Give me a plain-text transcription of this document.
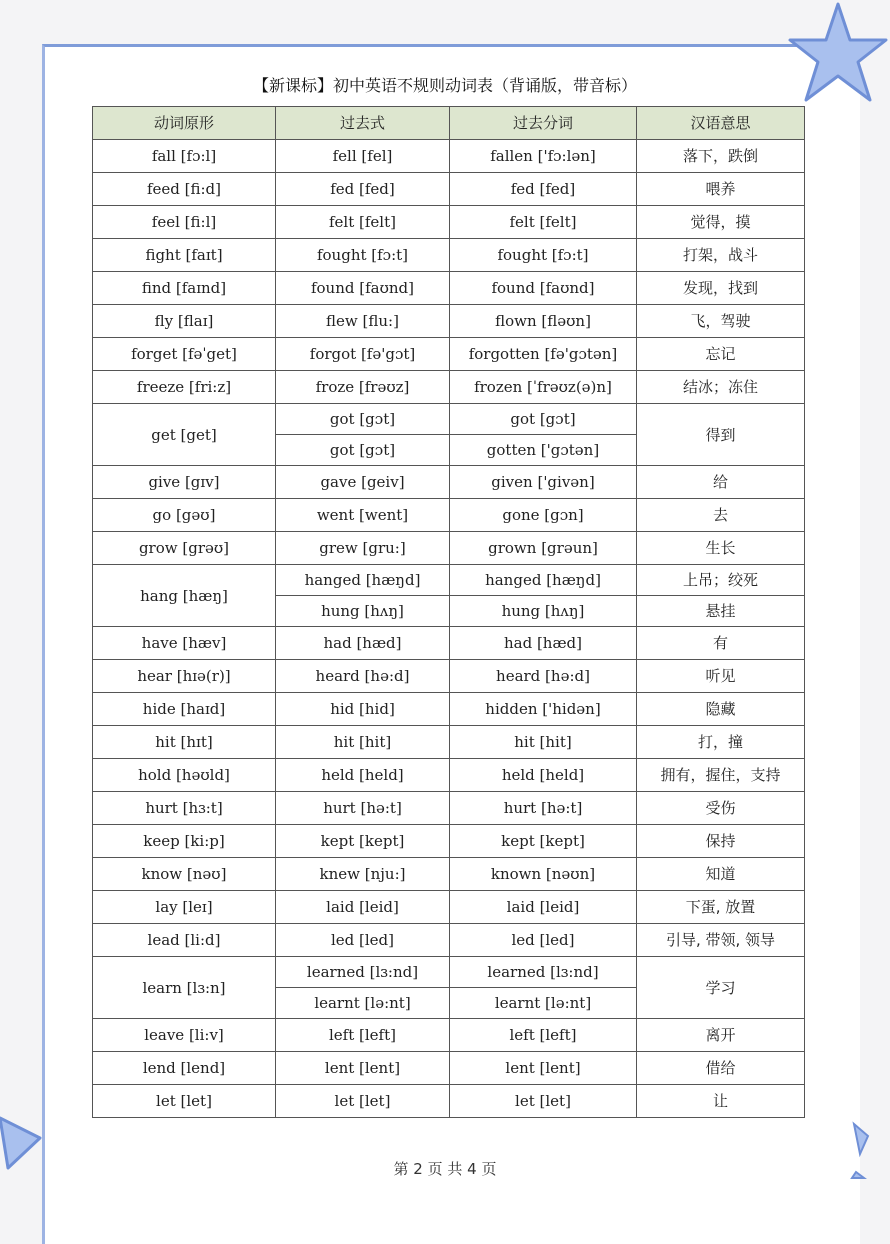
【新课标】初中英语不规则动词表（背诵版，带音标）
动词原形	过去式	过去分词	汉语意思
fall [fɔ:l]	fell [fel]	fallen ['fɔ:lən]	落下，跌倒
feed [fi:d]	fed [fed]	fed [fed]	喂养
feel [fi:l]	felt [felt]	felt [felt]	觉得，摸
fight [faɪt]	fought [fɔ:t]	fought [fɔ:t]	打架，战斗
find [faɪnd]	found [faʊnd]	found [faʊnd]	发现，找到
fly [flaɪ]	flew [flu:]	flown [fləʊn]	飞，驾驶
forget [fəˈget]	forgot [fə'gɔt]	forgotten [fə'gɔtən]	忘记
freeze [fri:z]	froze [frəʊz]	frozen [ˈfrəʊz(ə)n]	结冰；冻住
get [get]	got [gɔt]	got [gɔt]	得到
	got [gɔt]	gotten ['gɔtən]	
give [gɪv]	gave [geiv]	given ['givən]	给
go [gəʊ]	went [went]	gone [gɔn]	去
grow [grəʊ]	grew [gru:]	grown [grəun]	生长
hang [hæŋ]	hanged [hæŋd]	hanged [hæŋd]	上吊；绞死
	hung [hʌŋ]	hung [hʌŋ]	悬挂
have [hæv]	had [hæd]	had [hæd]	有
hear [hɪə(r)]	heard [hə:d]	heard [hə:d]	听见
hide [haɪd]	hid [hid]	hidden ['hidən]	隐藏
hit [hɪt]	hit [hit]	hit [hit]	打，撞
hold [həʊld]	held [held]	held [held]	拥有，握住，支持
hurt [hɜ:t]	hurt [hə:t]	hurt [hə:t]	受伤
keep [ki:p]	kept [kept]	kept [kept]	保持
know [nəʊ]	knew [nju:]	known [nəʊn]	知道
lay [leɪ]	laid [leid]	laid [leid]	下蛋, 放置
lead [li:d]	led [led]	led [led]	引导, 带领, 领导
learn [lɜ:n]	learned [lɜ:nd]	learned [lɜ:nd]	学习
	learnt [lə:nt]	learnt [lə:nt]	
leave [li:v]	left [left]	left [left]	离开
lend [lend]	lent [lent]	lent [lent]	借给
let [let]	let [let]	let [let]	让
第 2 页 共 4 页
